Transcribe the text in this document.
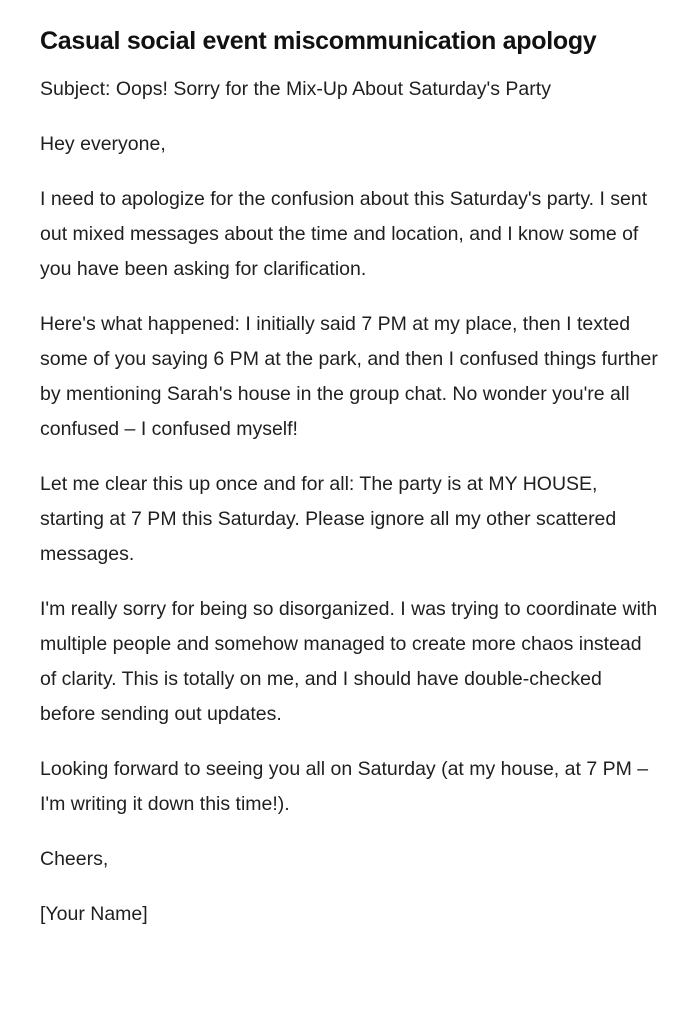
Casual social event miscommunication apology

Subject: Oops! Sorry for the Mix-Up About Saturday's Party

Hey everyone,

I need to apologize for the confusion about this Saturday's party. I sent out mixed messages about the time and location, and I know some of you have been asking for clarification.

Here's what happened: I initially said 7 PM at my place, then I texted some of you saying 6 PM at the park, and then I confused things further by mentioning Sarah's house in the group chat. No wonder you're all confused – I confused myself!

Let me clear this up once and for all: The party is at MY HOUSE, starting at 7 PM this Saturday. Please ignore all my other scattered messages.

I'm really sorry for being so disorganized. I was trying to coordinate with multiple people and somehow managed to create more chaos instead of clarity. This is totally on me, and I should have double-checked before sending out updates.

Looking forward to seeing you all on Saturday (at my house, at 7 PM – I'm writing it down this time!).

Cheers,

[Your Name]
